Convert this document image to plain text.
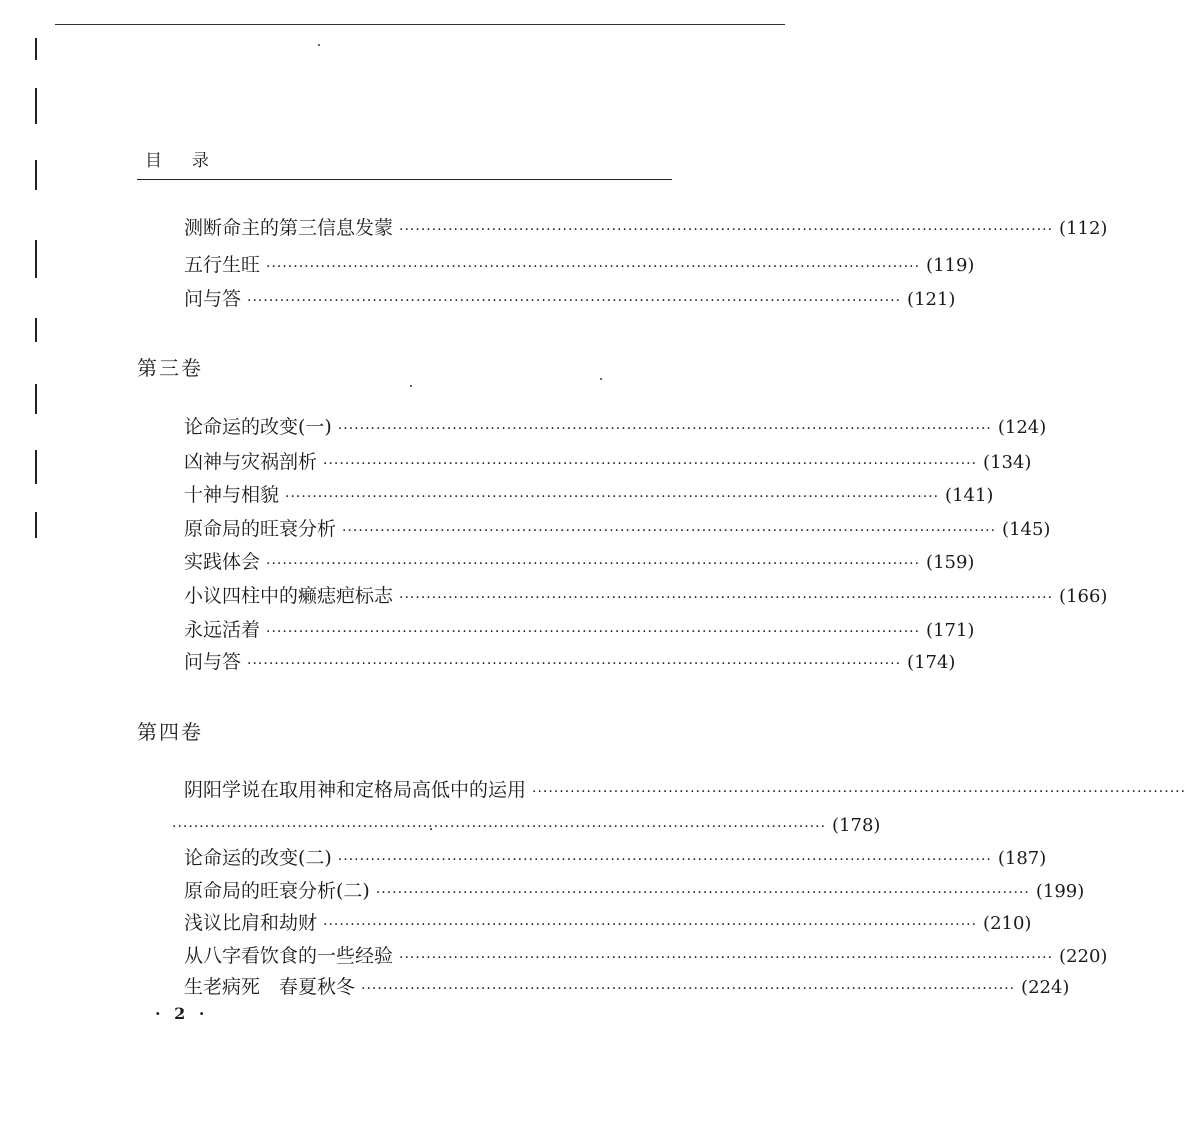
目录
测断命主的第三信息发蒙 ························································································································ (112)
五行生旺 ························································································································ (119)
问与答 ························································································································ (121)
第三卷
论命运的改变(一) ························································································································ (124)
凶神与灾祸剖析 ························································································································ (134)
十神与相貌 ························································································································ (141)
原命局的旺衰分析 ························································································································ (145)
实践体会 ························································································································ (159)
小议四柱中的癞痣疤标志 ························································································································ (166)
永远活着 ························································································································ (171)
问与答 ························································································································ (174)
第四卷
阴阳学说在取用神和定格局高低中的运用 ························································································································
························································································································ (178)
论命运的改变(二) ························································································································ (187)
原命局的旺衰分析(二) ························································································································ (199)
浅议比肩和劫财 ························································································································ (210)
从八字看饮食的一些经验 ························································································································ (220)
生老病死　春夏秋冬 ························································································································ (224)
· 2 ·
